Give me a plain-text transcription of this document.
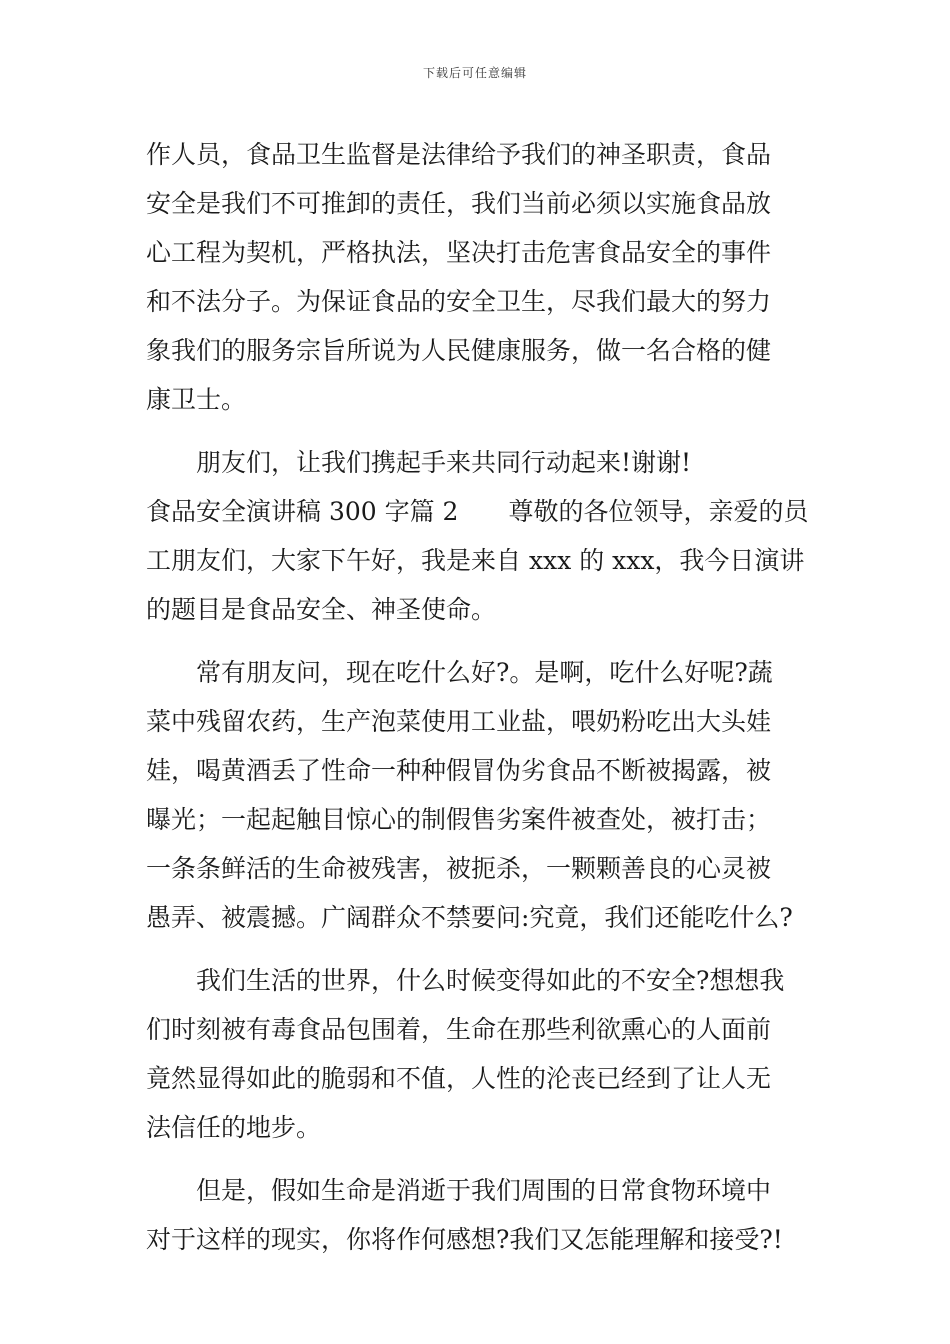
下载后可任意编辑
作人员，食品卫生监督是法律给予我们的神圣职责，食品
安全是我们不可推卸的责任，我们当前必须以实施食品放
心工程为契机，严格执法，坚决打击危害食品安全的事件
和不法分子。为保证食品的安全卫生，尽我们最大的努力
象我们的服务宗旨所说为人民健康服务，做一名合格的健
康卫士。
朋友们，让我们携起手来共同行动起来!谢谢!
食品安全演讲稿 300 字篇 2　　尊敬的各位领导，亲爱的员
工朋友们，大家下午好，我是来自 xxx 的 xxx，我今日演讲
的题目是食品安全、神圣使命。
常有朋友问，现在吃什么好?。是啊，吃什么好呢?蔬
菜中残留农药，生产泡菜使用工业盐，喂奶粉吃出大头娃
娃，喝黄酒丢了性命一种种假冒伪劣食品不断被揭露，被
曝光；一起起触目惊心的制假售劣案件被查处，被打击；
一条条鲜活的生命被残害，被扼杀，一颗颗善良的心灵被
愚弄、被震撼。广阔群众不禁要问:究竟，我们还能吃什么?
我们生活的世界，什么时候变得如此的不安全?想想我
们时刻被有毒食品包围着，生命在那些利欲熏心的人面前
竟然显得如此的脆弱和不值，人性的沦丧已经到了让人无
法信任的地步。
但是，假如生命是消逝于我们周围的日常食物环境中
对于这样的现实，你将作何感想?我们又怎能理解和接受?!
